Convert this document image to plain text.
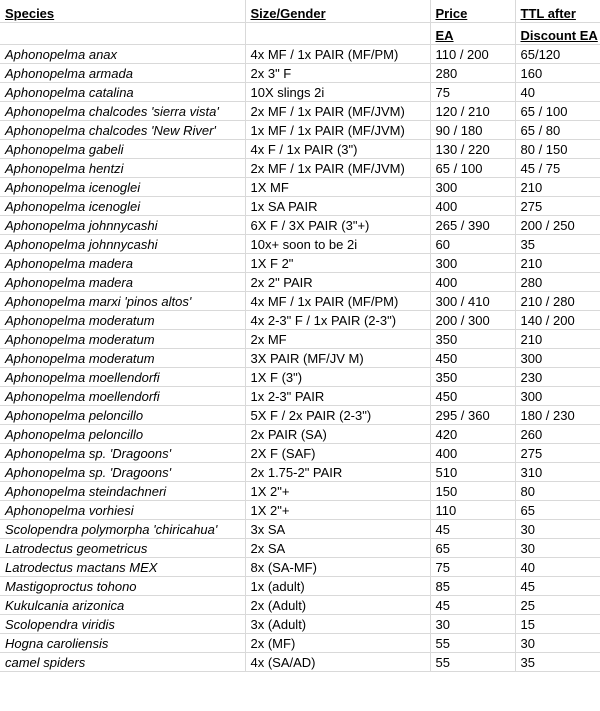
Species	Size/Gender	Price	TTL after
		EA	Discount EA
Aphonopelma anax	4x MF / 1x PAIR (MF/PM)	110 / 200	65/120
Aphonopelma armada	2x 3" F	280	160
Aphonopelma catalina	10X slings 2i	75	40
Aphonopelma chalcodes 'sierra vista'	2x MF / 1x PAIR (MF/JVM)	120 / 210	65 / 100
Aphonopelma chalcodes 'New River'	1x MF / 1x PAIR (MF/JVM)	90 / 180	65 / 80
Aphonopelma gabeli	4x F / 1x PAIR (3")	130 / 220	80 / 150
Aphonopelma hentzi	2x MF / 1x PAIR (MF/JVM)	65 / 100	45 / 75
Aphonopelma icenoglei	1X MF	300	210
Aphonopelma icenoglei	1x SA PAIR	400	275
Aphonopelma johnnycashi	6X F / 3X PAIR (3"+)	265 / 390	200 / 250
Aphonopelma johnnycashi	10x+ soon to be 2i	60	35
Aphonopelma madera	1X F 2"	300	210
Aphonopelma madera	2x 2" PAIR	400	280
Aphonopelma marxi 'pinos altos'	4x MF / 1x PAIR (MF/PM)	300 / 410	210 / 280
Aphonopelma moderatum	4x 2-3" F / 1x PAIR (2-3")	200 / 300	140 / 200
Aphonopelma moderatum	2x MF	350	210
Aphonopelma moderatum	3X PAIR (MF/JV M)	450	300
Aphonopelma moellendorfi	1X F (3")	350	230
Aphonopelma moellendorfi	1x 2-3" PAIR	450	300
Aphonopelma peloncillo	5X F / 2x PAIR (2-3")	295 / 360	180 / 230
Aphonopelma peloncillo	2x PAIR (SA)	420	260
Aphonopelma sp. 'Dragoons'	2X F (SAF)	400	275
Aphonopelma sp. 'Dragoons'	2x 1.75-2" PAIR	510	310
Aphonopelma steindachneri	1X 2"+	150	80
Aphonopelma vorhiesi	1X 2"+	110	65
Scolopendra polymorpha 'chiricahua'	3x SA	45	30
Latrodectus geometricus	2x SA	65	30
Latrodectus mactans MEX	8x (SA-MF)	75	40
Mastigoproctus tohono	1x (adult)	85	45
Kukulcania arizonica	2x (Adult)	45	25
Scolopendra viridis	3x (Adult)	30	15
Hogna caroliensis	2x (MF)	55	30
camel spiders	4x (SA/AD)	55	35
